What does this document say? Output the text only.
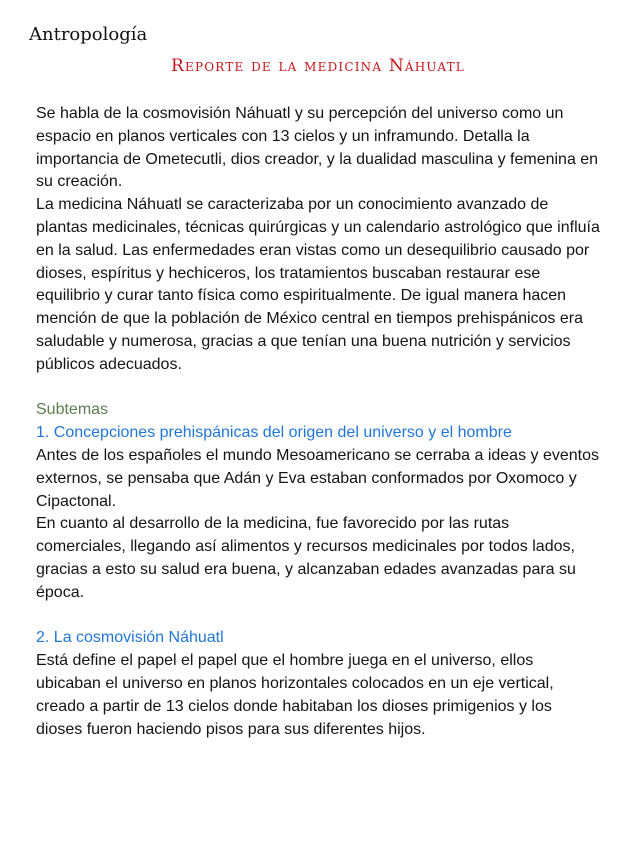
Antropología
Reporte de la medicina Náhuatl

Se habla de la cosmovisión Náhuatl y su percepción del universo como un espacio en planos verticales con 13 cielos y un inframundo. Detalla la importancia de Ometecutli, dios creador, y la dualidad masculina y femenina en su creación.

La medicina Náhuatl se caracterizaba por un conocimiento avanzado de plantas medicinales, técnicas quirúrgicas y un calendario astrológico que influía en la salud. Las enfermedades eran vistas como un desequilibrio causado por dioses, espíritus y hechiceros, los tratamientos buscaban restaurar ese equilibrio y curar tanto física como espiritualmente. De igual manera hacen mención de que la población de México central en tiempos prehispánicos era saludable y numerosa, gracias a que tenían una buena nutrición y servicios públicos adecuados.

Subtemas

1. Concepciones prehispánicas del origen del universo y el hombre

Antes de los españoles el mundo Mesoamericano se cerraba a ideas y eventos externos, se pensaba que Adán y Eva estaban conformados por Oxomoco y Cipactonal.

En cuanto al desarrollo de la medicina, fue favorecido por las rutas comerciales, llegando así alimentos y recursos medicinales por todos lados, gracias a esto su salud era buena, y alcanzaban edades avanzadas para su época.

2. La cosmovisión Náhuatl

Está define el papel el papel que el hombre juega en el universo, ellos ubicaban el universo en planos horizontales colocados en un eje vertical, creado a partir de 13 cielos donde habitaban los dioses primigenios y los dioses fueron haciendo pisos para sus diferentes hijos.
